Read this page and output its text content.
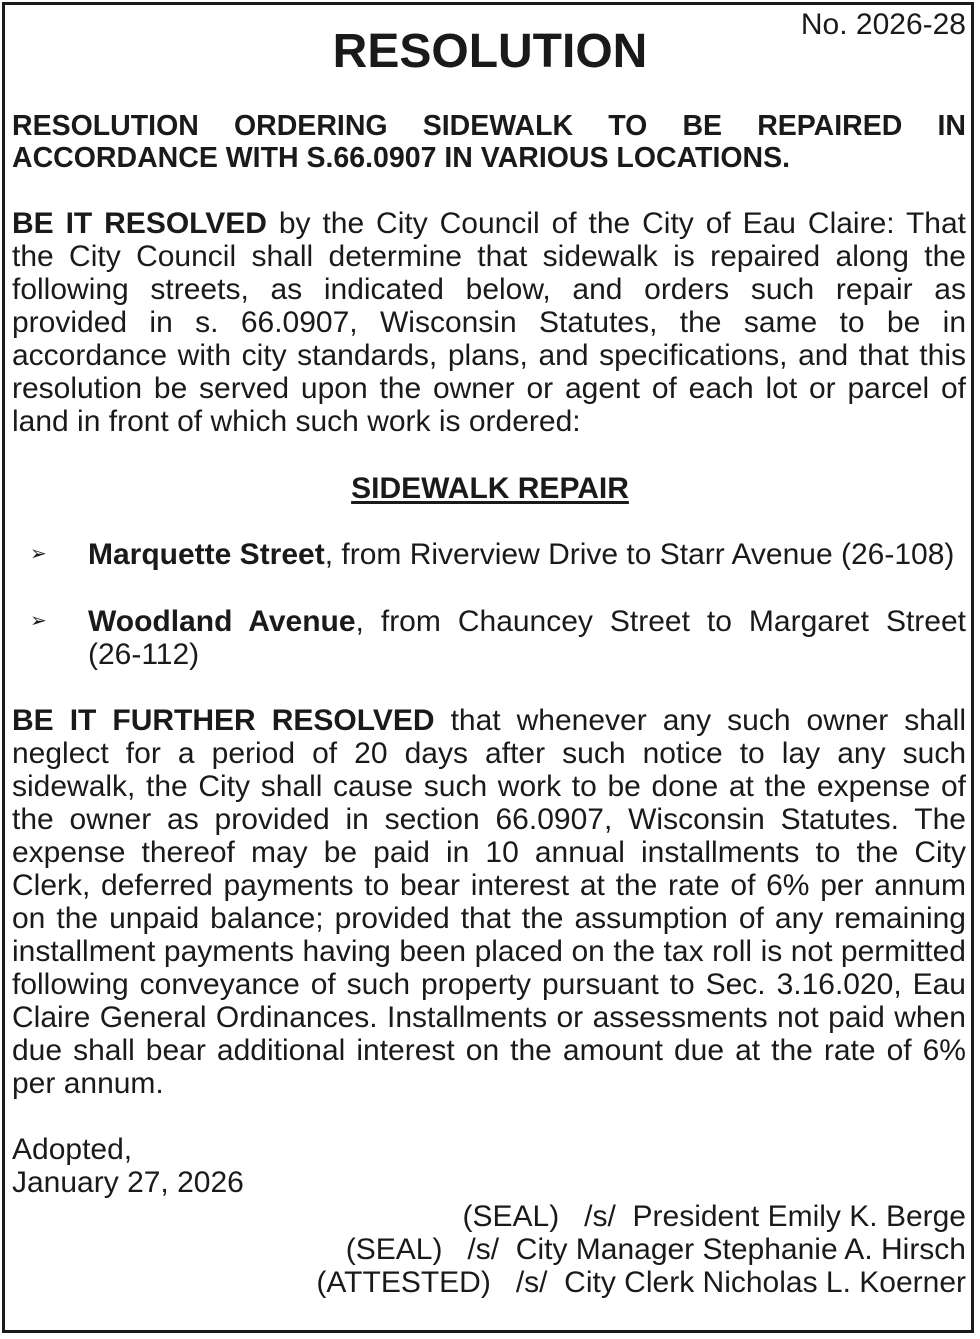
No. 2026-28
RESOLUTION

RESOLUTION ORDERING SIDEWALK TO BE REPAIRED IN ACCORDANCE WITH S.66.0907 IN VARIOUS LOCATIONS.

BE IT RESOLVED by the City Council of the City of Eau Claire: That the City Council shall determine that sidewalk is repaired along the following streets, as indicated below, and orders such repair as provided in s. 66.0907, Wisconsin Statutes, the same to be in accordance with city standards, plans, and specifications, and that this resolution be served upon the owner or agent of each lot or parcel of land in front of which such work is ordered:

SIDEWALK REPAIR
➢ Marquette Street, from Riverview Drive to Starr Avenue (26-108)

➢ Woodland Avenue, from Chauncey Street to Margaret Street (26-112)

BE IT FURTHER RESOLVED that whenever any such owner shall neglect for a period of 20 days after such notice to lay any such sidewalk, the City shall cause such work to be done at the expense of the owner as provided in section 66.0907, Wisconsin Statutes. The expense thereof may be paid in 10 annual installments to the City Clerk, deferred payments to bear interest at the rate of 6% per annum on the unpaid balance; provided that the assumption of any remaining installment payments having been placed on the tax roll is not permitted following conveyance of such property pursuant to Sec. 3.16.020, Eau Claire General Ordinances. Installments or assessments not paid when due shall bear additional interest on the amount due at the rate of 6% per annum.

Adopted,
January 27, 2026
(SEAL)   /s/  President Emily K. Berge
(SEAL)   /s/  City Manager Stephanie A. Hirsch
(ATTESTED)   /s/  City Clerk Nicholas L. Koerner
